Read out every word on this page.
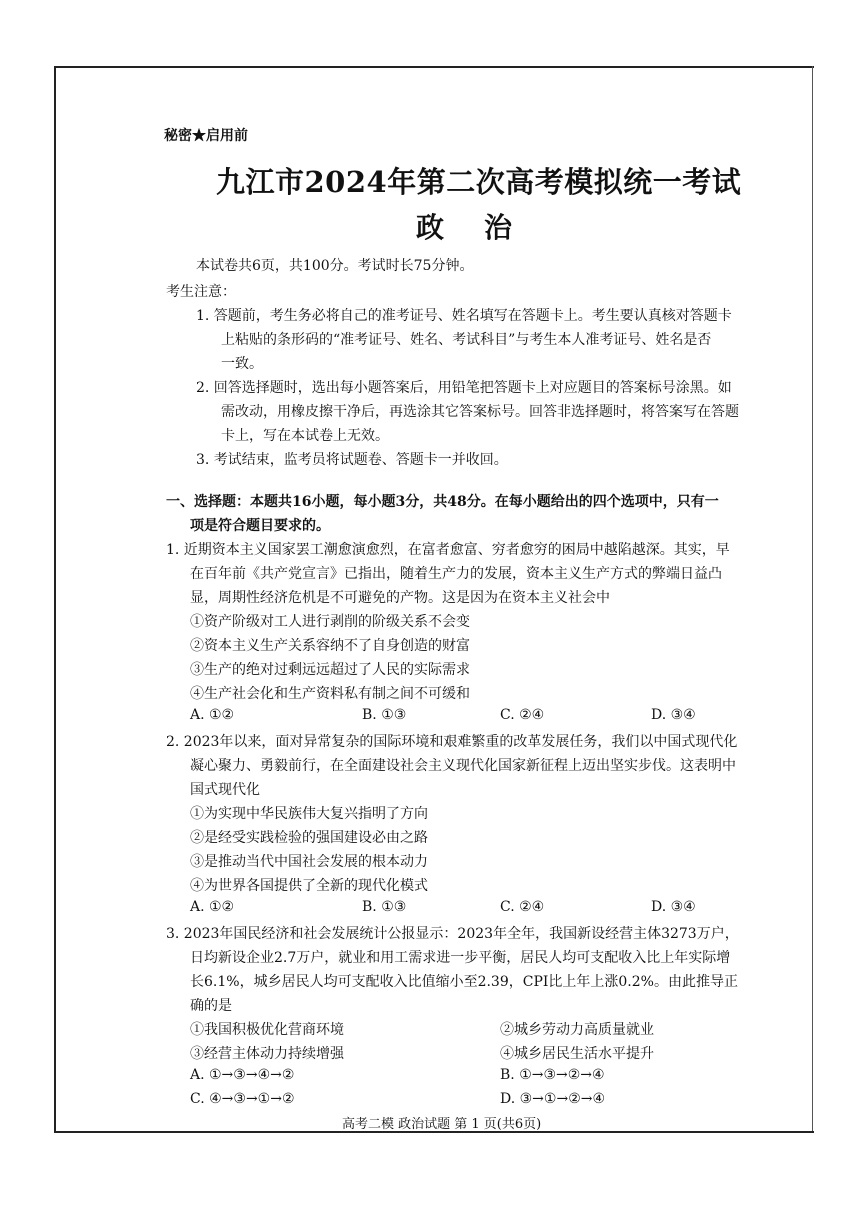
秘密★启用前
九江市2024年第二次高考模拟统一考试
政治
本试卷共6页，共100分。考试时长75分钟。
考生注意：
1. 答题前，考生务必将自己的准考证号、姓名填写在答题卡上。考生要认真核对答题卡
上粘贴的条形码的“准考证号、姓名、考试科目”与考生本人准考证号、姓名是否
一致。
2. 回答选择题时，选出每小题答案后，用铅笔把答题卡上对应题目的答案标号涂黑。如
需改动，用橡皮擦干净后，再选涂其它答案标号。回答非选择题时，将答案写在答题
卡上，写在本试卷上无效。
3. 考试结束，监考员将试题卷、答题卡一并收回。
一、选择题：本题共16小题，每小题3分，共48分。在每小题给出的四个选项中，只有一
项是符合题目要求的。
1. 近期资本主义国家罢工潮愈演愈烈，在富者愈富、穷者愈穷的困局中越陷越深。其实，早
在百年前《共产党宣言》已指出，随着生产力的发展，资本主义生产方式的弊端日益凸
显，周期性经济危机是不可避免的产物。这是因为在资本主义社会中
①资产阶级对工人进行剥削的阶级关系不会变
②资本主义生产关系容纳不了自身创造的财富
③生产的绝对过剩远远超过了人民的实际需求
④生产社会化和生产资料私有制之间不可缓和
A. ①②	B. ①③	C. ②④	D. ③④
2. 2023年以来，面对异常复杂的国际环境和艰难繁重的改革发展任务，我们以中国式现代化
凝心聚力、勇毅前行，在全面建设社会主义现代化国家新征程上迈出坚实步伐。这表明中
国式现代化
①为实现中华民族伟大复兴指明了方向
②是经受实践检验的强国建设必由之路
③是推动当代中国社会发展的根本动力
④为世界各国提供了全新的现代化模式
A. ①②	B. ①③	C. ②④	D. ③④
3. 2023年国民经济和社会发展统计公报显示：2023年全年，我国新设经营主体3273万户，
日均新设企业2.7万户，就业和用工需求进一步平衡，居民人均可支配收入比上年实际增
长6.1%，城乡居民人均可支配收入比值缩小至2.39，CPI比上年上涨0.2%。由此推导正
确的是
①我国积极优化营商环境	②城乡劳动力高质量就业
③经营主体动力持续增强	④城乡居民生活水平提升
A. ①→③→④→②	B. ①→③→②→④
C. ④→③→①→②	D. ③→①→②→④
高考二模 政治试题 第 1 页(共6页)
